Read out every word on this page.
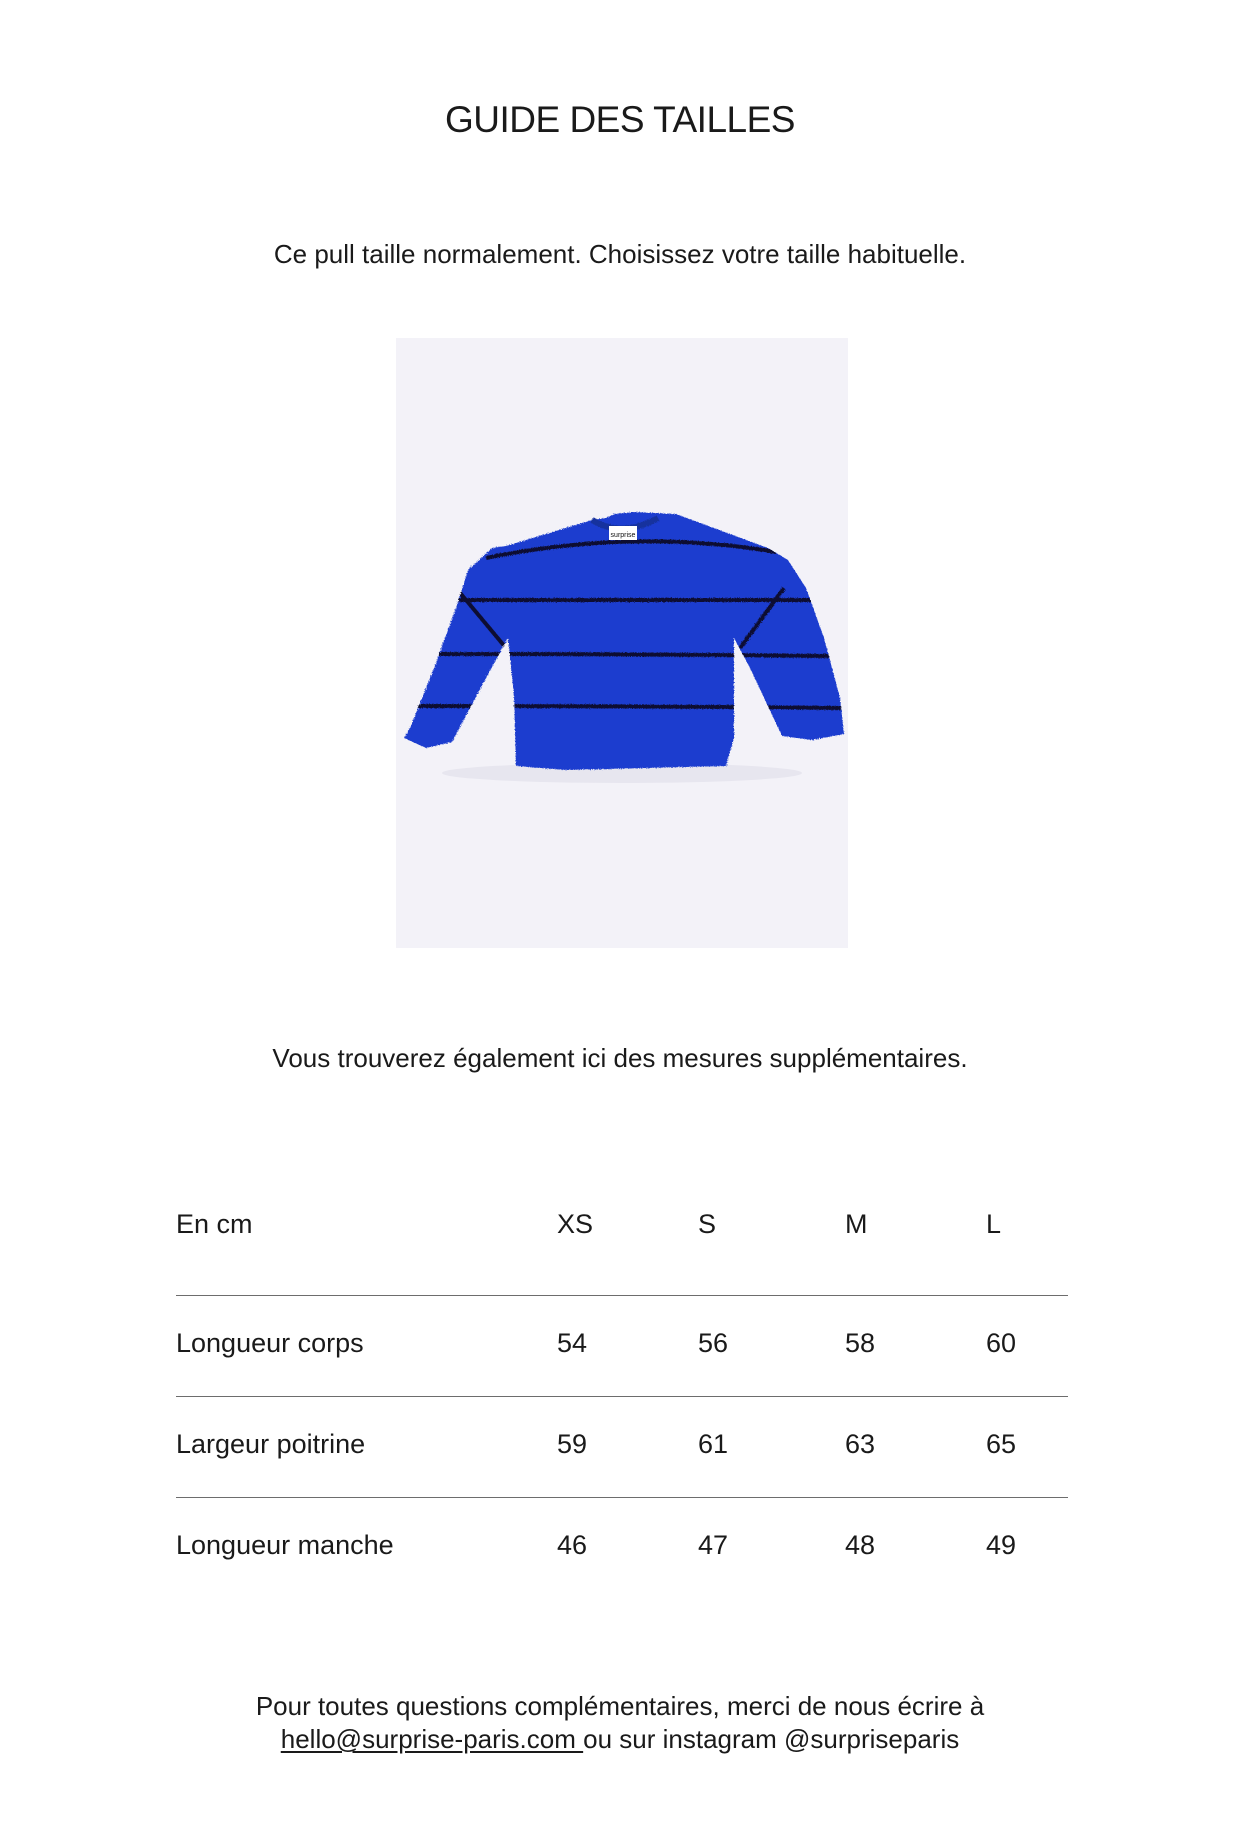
GUIDE DES TAILLES

Ce pull taille normalement. Choisissez votre taille habituelle.

surprise

Vous trouverez également ici des mesures supplémentaires.

En cm	XS	S	M	L
Longueur corps	54	56	58	60
Largeur poitrine	59	61	63	65
Longueur manche	46	47	48	49
Pour toutes questions complémentaires, merci de nous écrire à
hello@surprise-paris.com ou sur instagram @surpriseparis
